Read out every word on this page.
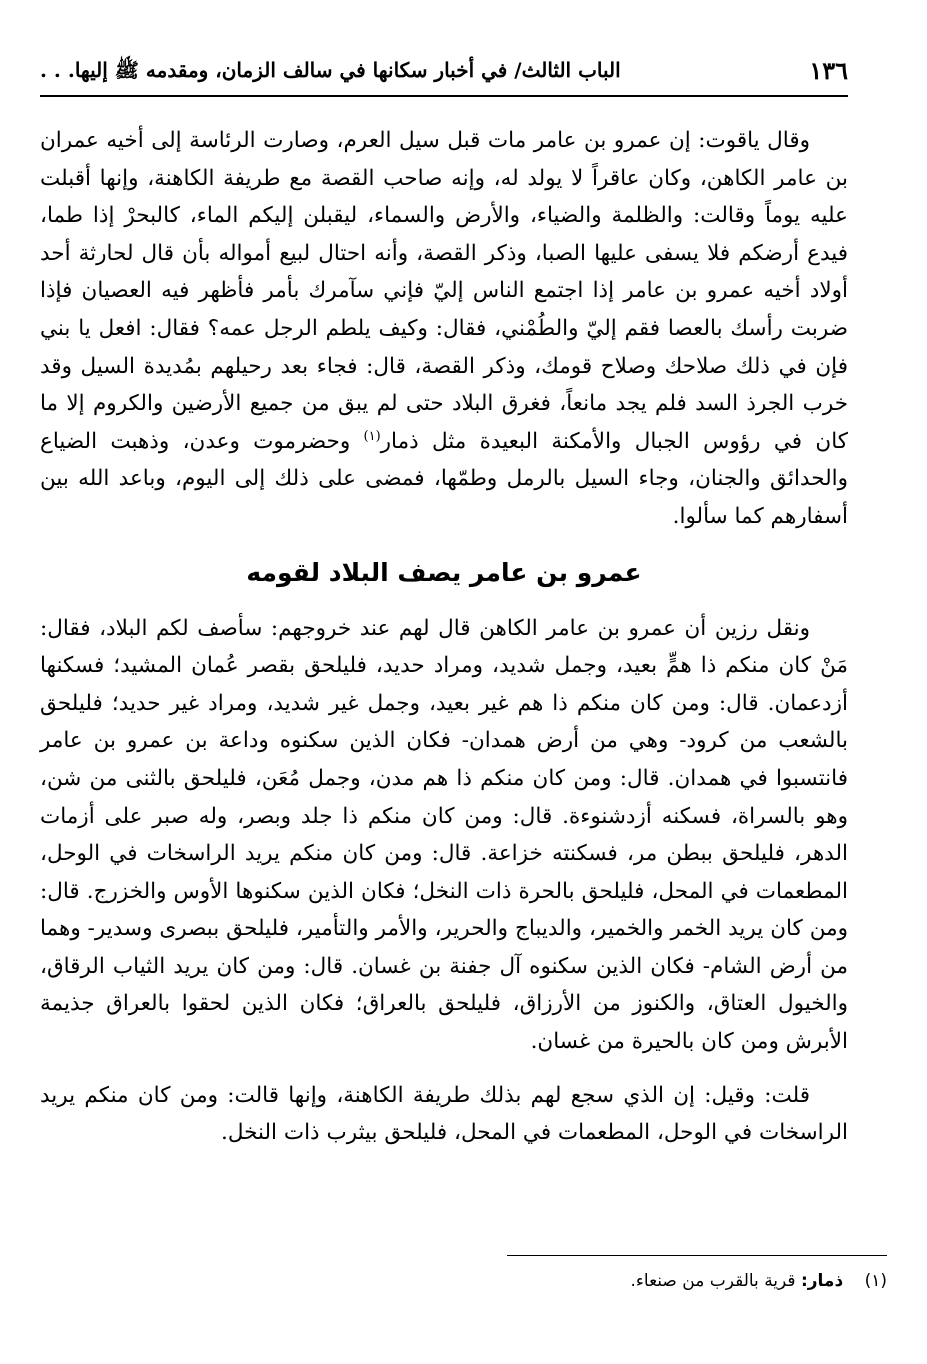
١٣٦
الباب الثالث/ في أخبار سكانها في سالف الزمان، ومقدمه ﷺ إليها. . .

وقال ياقوت: إن عمرو بن عامر مات قبل سيل العرم، وصارت الرئاسة إلى أخيه عمران بن عامر الكاهن، وكان عاقراً لا يولد له، وإنه صاحب القصة مع طريفة الكاهنة، وإنها أقبلت عليه يوماً وقالت: والظلمة والضياء، والأرض والسماء، ليقبلن إليكم الماء، كالبحرْ إذا طما، فيدع أرضكم فلا يسفى عليها الصبا، وذكر القصة، وأنه احتال لبيع أمواله بأن قال لحارثة أحد أولاد أخيه عمرو بن عامر إذا اجتمع الناس إليّ فإني سآمرك بأمر فأظهر فيه العصيان فإذا ضربت رأسك بالعصا فقم إليّ والطُمْني، فقال: وكيف يلطم الرجل عمه؟ فقال: افعل يا بني فإن في ذلك صلاحك وصلاح قومك، وذكر القصة، قال: فجاء بعد رحيلهم بمُديدة السيل وقد خرب الجرذ السد فلم يجد مانعاً، فغرق البلاد حتى لم يبق من جميع الأرضين والكروم إلا ما كان في رؤوس الجبال والأمكنة البعيدة مثل ذمار$^{(١)}$ وحضرموت وعدن، وذهبت الضياع والحدائق والجنان، وجاء السيل بالرمل وطمّها، فمضى على ذلك إلى اليوم، وباعد الله بين أسفارهم كما سألوا.

عمرو بن عامر يصف البلاد لقومه

ونقل رزين أن عمرو بن عامر الكاهن قال لهم عند خروجهم: سأصف لكم البلاد، فقال: مَنْ كان منكم ذا همٍّ بعيد، وجمل شديد، ومراد حديد، فليلحق بقصر عُمان المشيد؛ فسكنها أزدعمان. قال: ومن كان منكم ذا هم غير بعيد، وجمل غير شديد، ومراد غير حديد؛ فليلحق بالشعب من كرود- وهي من أرض همدان- فكان الذين سكنوه وداعة بن عمرو بن عامر فانتسبوا في همدان. قال: ومن كان منكم ذا هم مدن، وجمل مُعَن، فليلحق بالثنى من شن، وهو بالسراة، فسكنه أزدشنوءة. قال: ومن كان منكم ذا جلد وبصر، وله صبر على أزمات الدهر، فليلحق ببطن مر، فسكنته خزاعة. قال: ومن كان منكم يريد الراسخات في الوحل، المطعمات في المحل، فليلحق بالحرة ذات النخل؛ فكان الذين سكنوها الأوس والخزرج. قال: ومن كان يريد الخمر والخمير، والديباج والحرير، والأمر والتأمير، فليلحق ببصرى وسدير- وهما من أرض الشام- فكان الذين سكنوه آل جفنة بن غسان. قال: ومن كان يريد الثياب الرقاق، والخيول العتاق، والكنوز من الأرزاق، فليلحق بالعراق؛ فكان الذين لحقوا بالعراق جذيمة الأبرش ومن كان بالحيرة من غسان.

قلت: وقيل: إن الذي سجع لهم بذلك طريفة الكاهنة، وإنها قالت: ومن كان منكم يريد الراسخات في الوحل، المطعمات في المحل، فليلحق بيثرب ذات النخل.

(١) ذمار: قرية بالقرب من صنعاء.
